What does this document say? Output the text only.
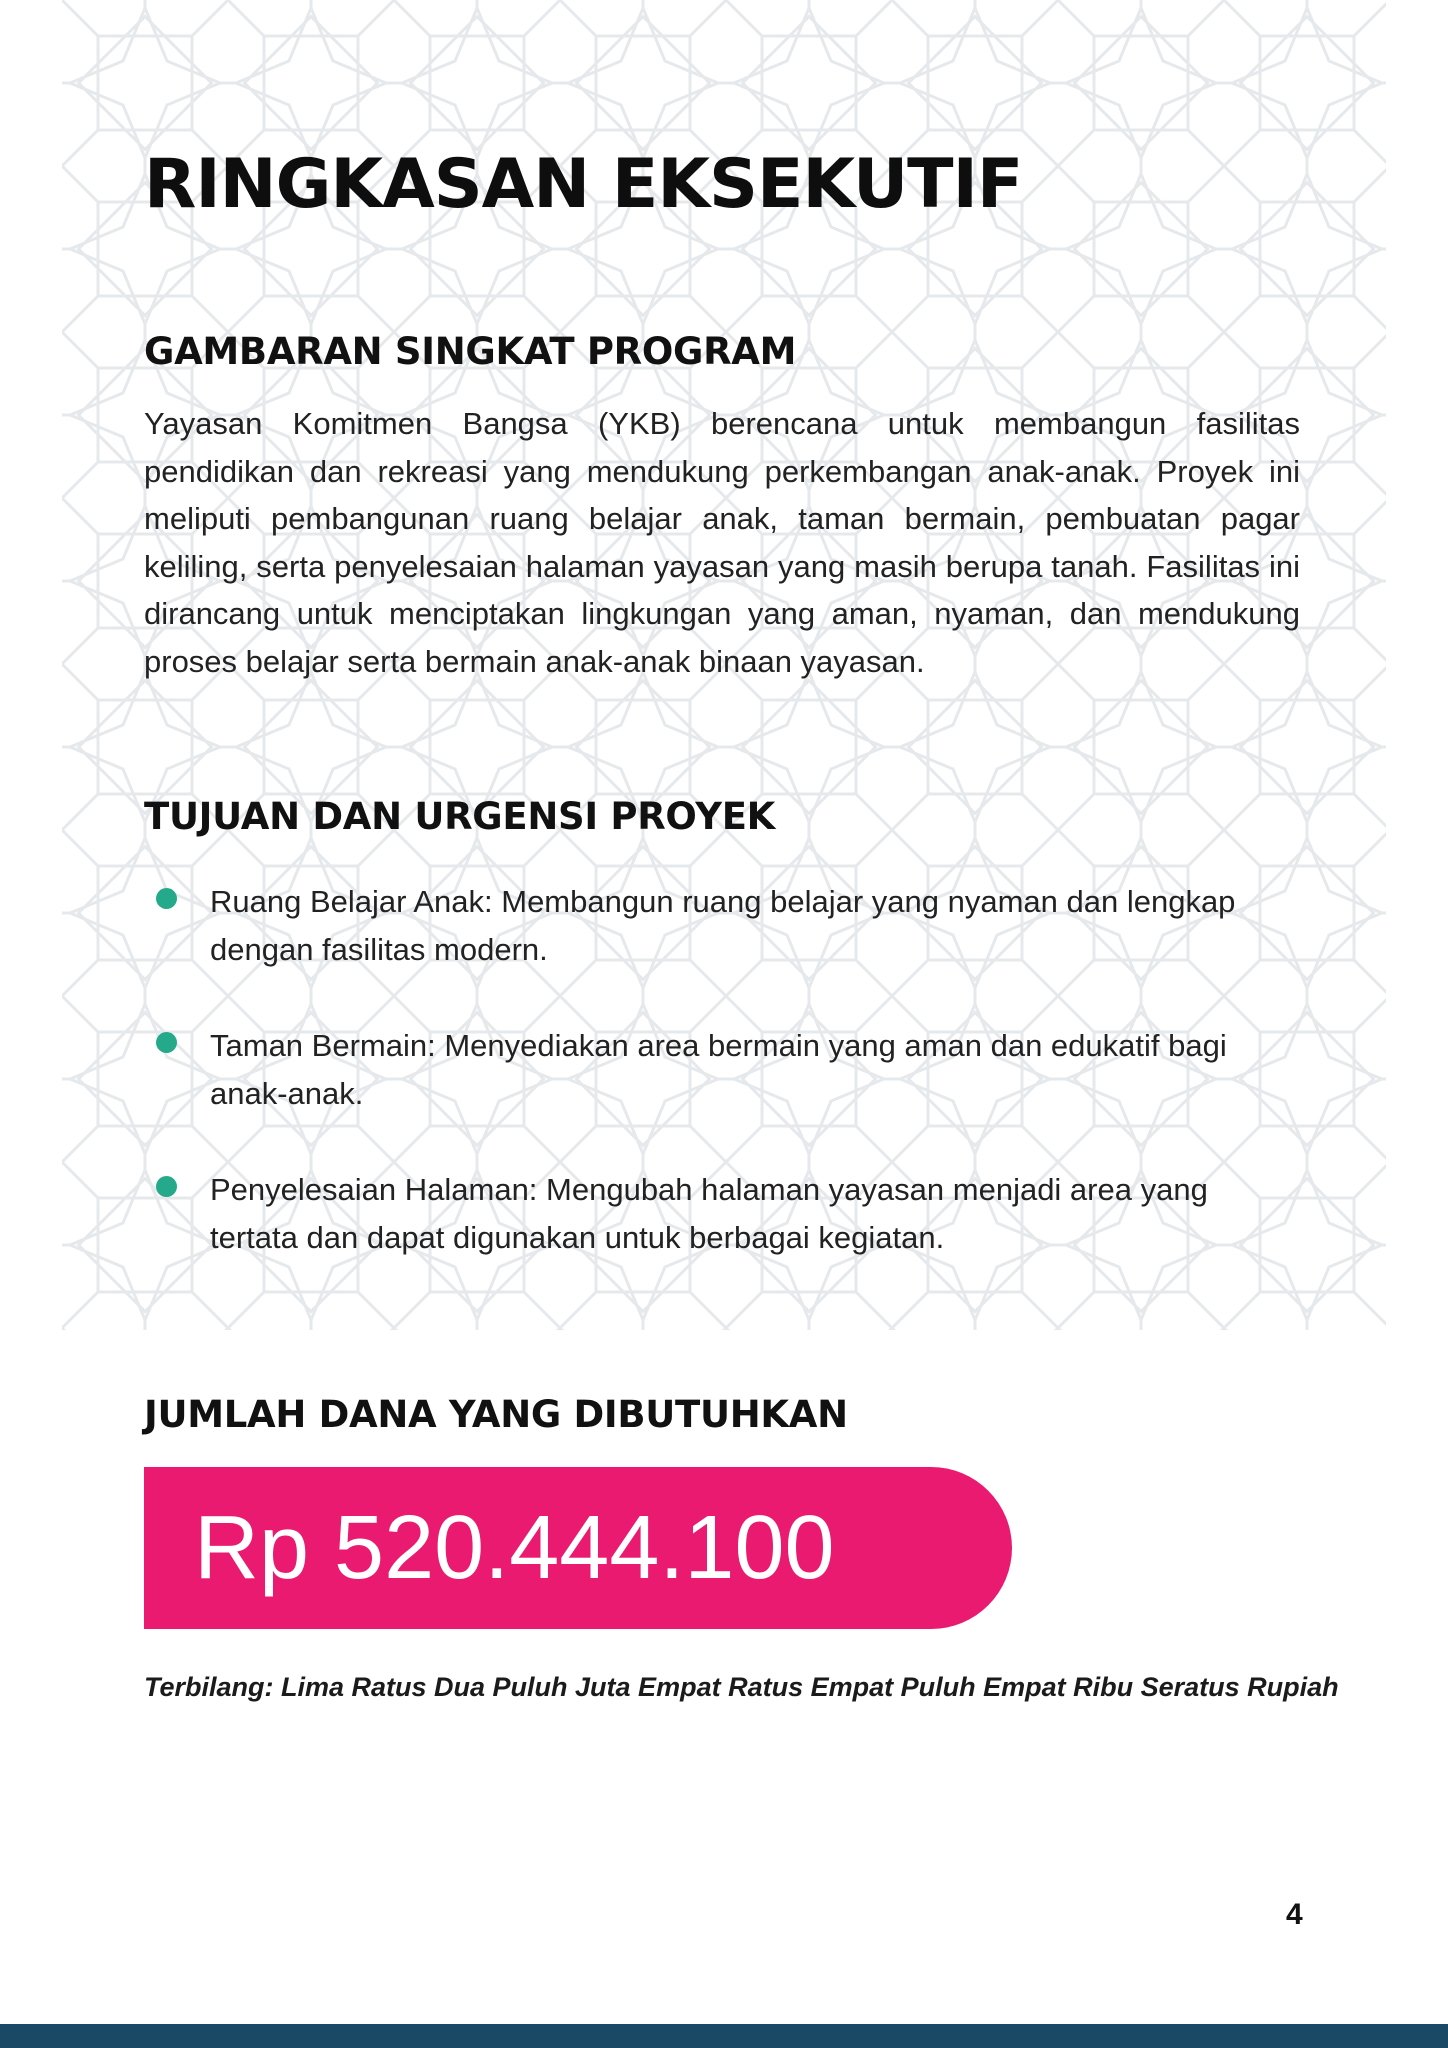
RINGKASAN EKSEKUTIF
GAMBARAN SINGKAT PROGRAM

Yayasan Komitmen Bangsa (YKB) berencana untuk membangun fasilitas pendidikan dan rekreasi yang mendukung perkembangan anak-anak. Proyek ini meliputi pembangunan ruang belajar anak, taman bermain, pembuatan pagar keliling, serta penyelesaian halaman yayasan yang masih berupa tanah. Fasilitas ini dirancang untuk menciptakan lingkungan yang aman, nyaman, dan mendukung proses belajar serta bermain anak-anak binaan yayasan.

TUJUAN DAN URGENSI PROYEK
Ruang Belajar Anak: Membangun ruang belajar yang nyaman dan lengkap dengan fasilitas modern.
Taman Bermain: Menyediakan area bermain yang aman dan edukatif bagi anak-anak.
Penyelesaian Halaman: Mengubah halaman yayasan menjadi area yang tertata dan dapat digunakan untuk berbagai kegiatan.
JUMLAH DANA YANG DIBUTUHKAN
Rp 520.444.100

Terbilang: Lima Ratus Dua Puluh Juta Empat Ratus Empat Puluh Empat Ribu Seratus Rupiah

4
